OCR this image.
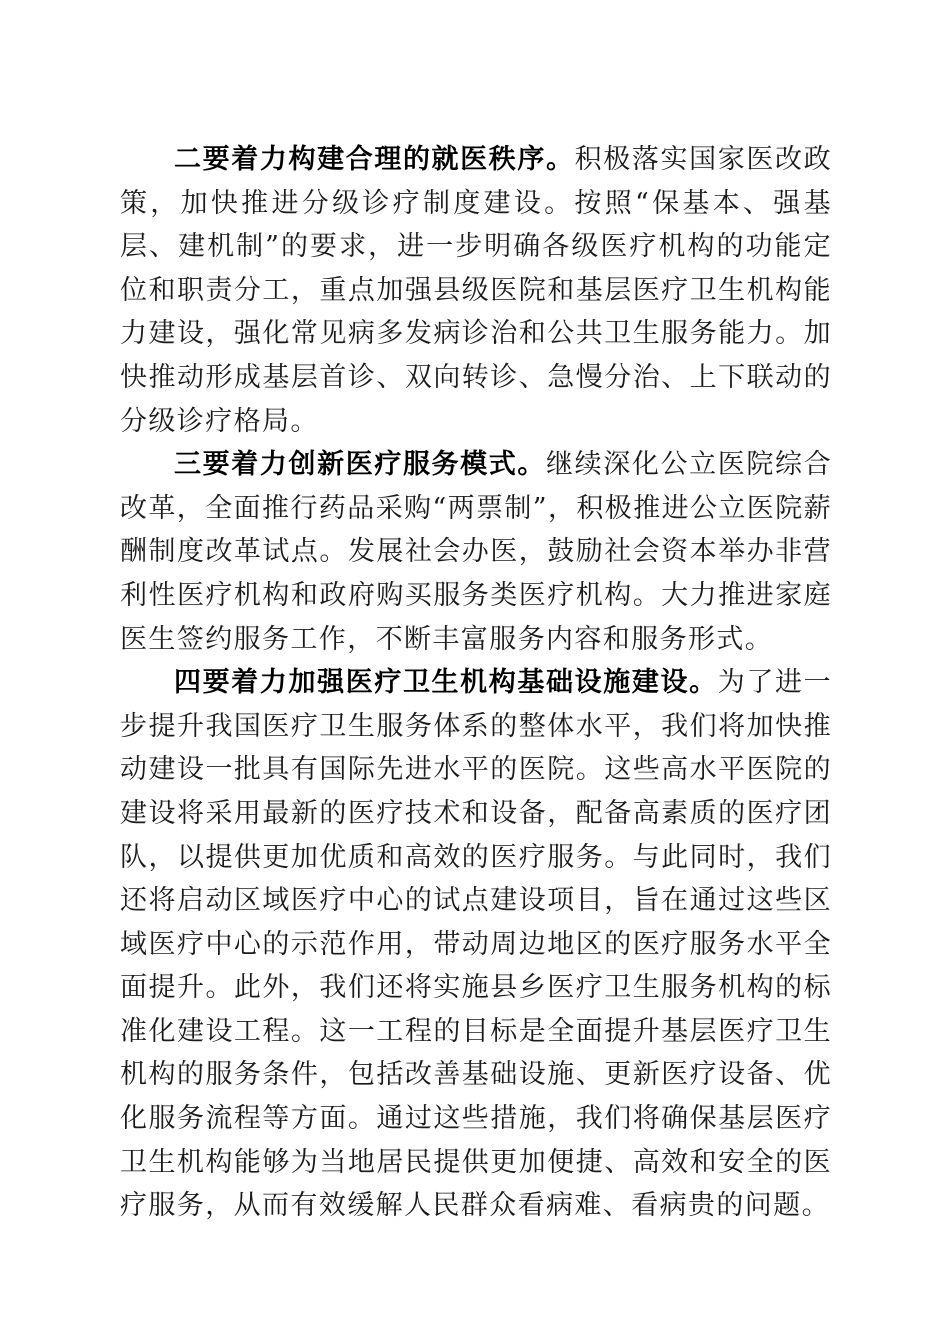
二要着力构建合理的就医秩序。积极落实国家医改政策，加快推进分级诊疗制度建设。按照“保基本、强基层、建机制”的要求，进一步明确各级医疗机构的功能定位和职责分工，重点加强县级医院和基层医疗卫生机构能力建设，强化常见病多发病诊治和公共卫生服务能力。加快推动形成基层首诊、双向转诊、急慢分治、上下联动的分级诊疗格局。

三要着力创新医疗服务模式。继续深化公立医院综合改革，全面推行药品采购“两票制”，积极推进公立医院薪酬制度改革试点。发展社会办医，鼓励社会资本举办非营利性医疗机构和政府购买服务类医疗机构。大力推进家庭医生签约服务工作，不断丰富服务内容和服务形式。

四要着力加强医疗卫生机构基础设施建设。为了进一步提升我国医疗卫生服务体系的整体水平，我们将加快推动建设一批具有国际先进水平的医院。这些高水平医院的建设将采用最新的医疗技术和设备，配备高素质的医疗团队，以提供更加优质和高效的医疗服务。与此同时，我们还将启动区域医疗中心的试点建设项目，旨在通过这些区域医疗中心的示范作用，带动周边地区的医疗服务水平全面提升。此外，我们还将实施县乡医疗卫生服务机构的标准化建设工程。这一工程的目标是全面提升基层医疗卫生机构的服务条件，包括改善基础设施、更新医疗设备、优化服务流程等方面。通过这些措施，我们将确保基层医疗卫生机构能够为当地居民提供更加便捷、高效和安全的医疗服务，从而有效缓解人民群众看病难、看病贵的问题。
